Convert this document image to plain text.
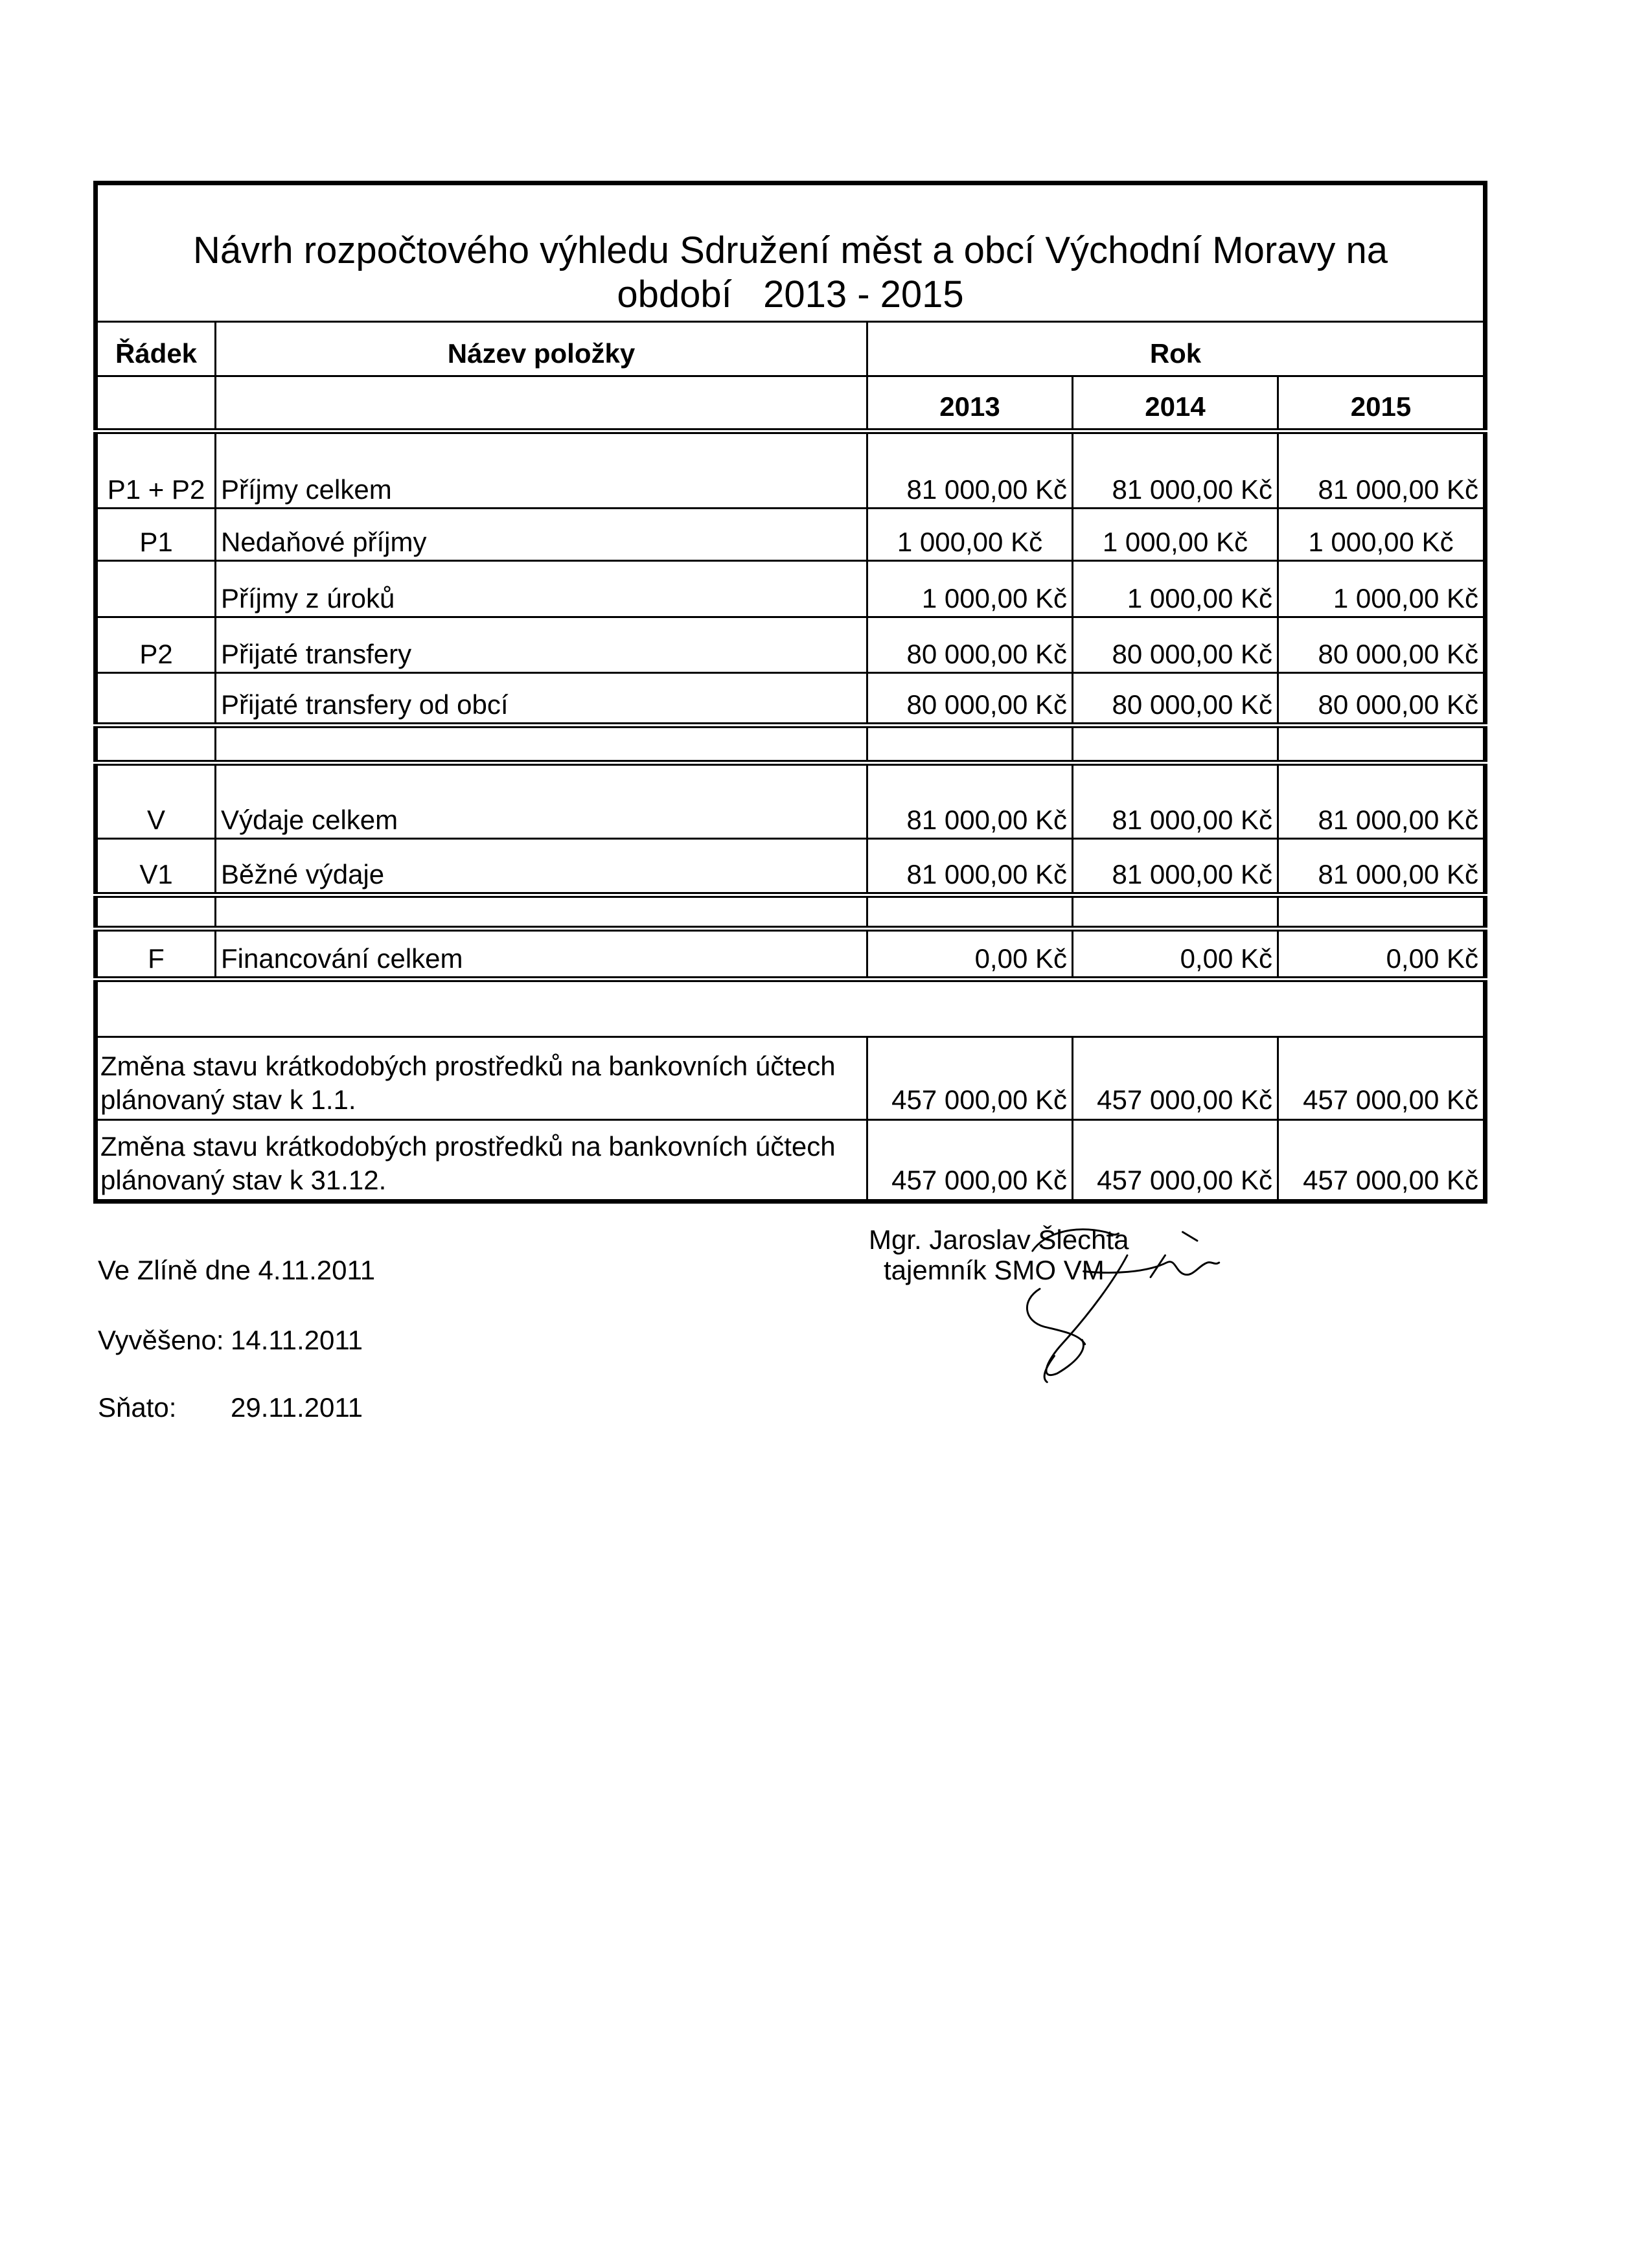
Návrh rozpočtového výhledu Sdružení měst a obcí Východní Moravy na
období   2013 - 2015				

Řádek	Název položky	Rok		
		2013	2014	2015
P1 + P2	Příjmy celkem	81 000,00 Kč	81 000,00 Kč	81 000,00 Kč
P1	Nedaňové příjmy	1 000,00 Kč	1 000,00 Kč	1 000,00 Kč
	Příjmy z úroků	1 000,00 Kč	1 000,00 Kč	1 000,00 Kč
P2	Přijaté transfery	80 000,00 Kč	80 000,00 Kč	80 000,00 Kč
	Přijaté transfery od obcí	80 000,00 Kč	80 000,00 Kč	80 000,00 Kč

V	Výdaje celkem	81 000,00 Kč	81 000,00 Kč	81 000,00 Kč
V1	Běžné výdaje	81 000,00 Kč	81 000,00 Kč	81 000,00 Kč

F	Financování celkem	0,00 Kč	0,00 Kč	0,00 Kč

Změna stavu krátkodobých prostředků na bankovních účtech
plánovaný stav k 1.1.		457 000,00 Kč	457 000,00 Kč	457 000,00 Kč

Změna stavu krátkodobých prostředků na bankovních účtech
plánovaný stav k 31.12.		457 000,00 Kč	457 000,00 Kč	457 000,00 Kč
Mgr. Jaroslav Šlechta
tajemník SMO VM
Ve Zlíně dne 4.11.2011
Vyvěšeno: 14.11.2011
Sňato: 29.11.2011
